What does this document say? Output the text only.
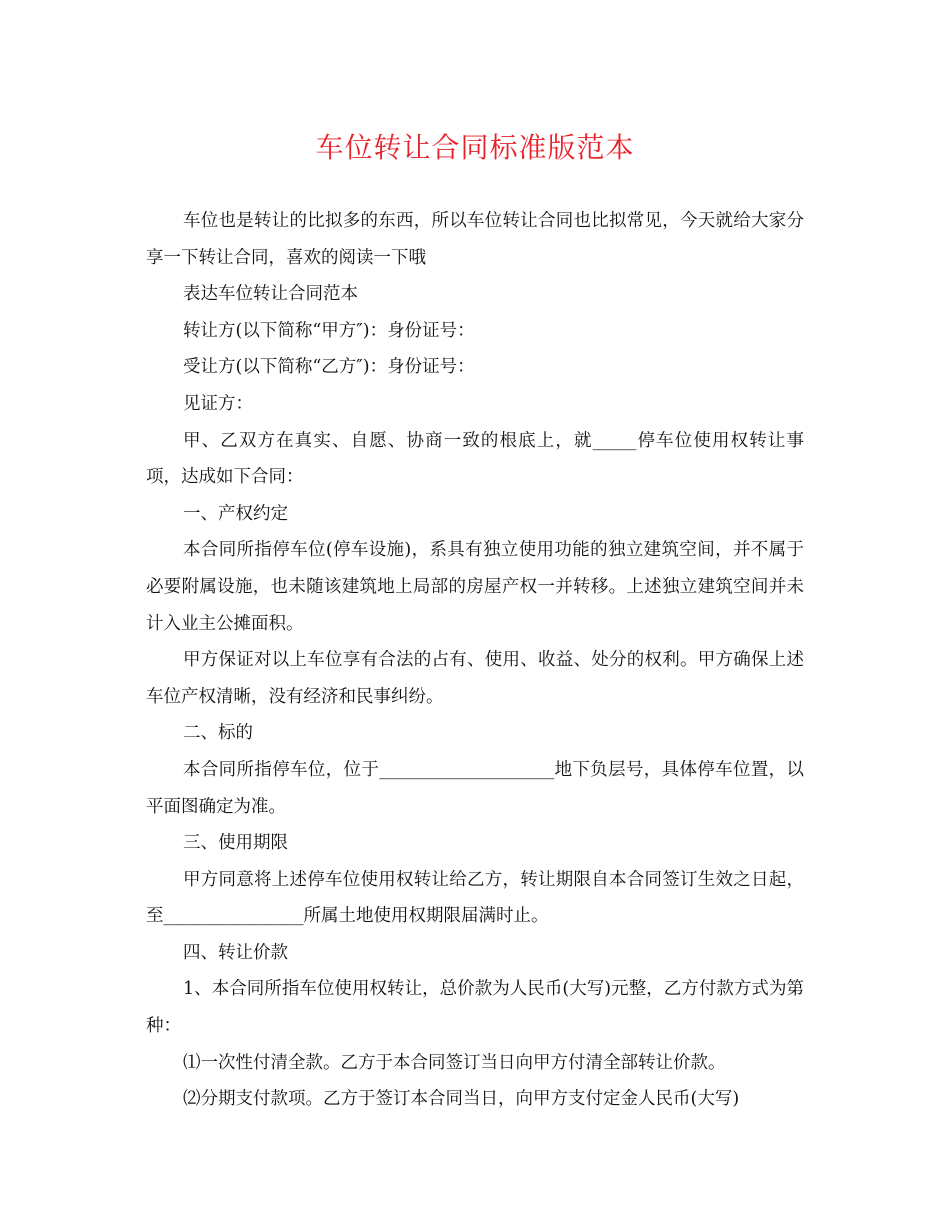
车位转让合同标准版范本

车位也是转让的比拟多的东西，所以车位转让合同也比拟常见，今天就给大家分享一下转让合同，喜欢的阅读一下哦

表达车位转让合同范本

转让方(以下简称“甲方″)：身份证号：

受让方(以下简称“乙方″)：身份证号：

见证方：

甲、乙双方在真实、自愿、协商一致的根底上，就_____停车位使用权转让事项，达成如下合同：

一、产权约定

本合同所指停车位(停车设施)，系具有独立使用功能的独立建筑空间，并不属于必要附属设施，也未随该建筑地上局部的房屋产权一并转移。上述独立建筑空间并未计入业主公摊面积。

甲方保证对以上车位享有合法的占有、使用、收益、处分的权利。甲方确保上述车位产权清晰，没有经济和民事纠纷。

二、标的

本合同所指停车位，位于____________________地下负层号，具体停车位置，以平面图确定为准。

三、使用期限

甲方同意将上述停车位使用权转让给乙方，转让期限自本合同签订生效之日起，至________________所属土地使用权期限届满时止。

四、转让价款

1、本合同所指车位使用权转让，总价款为人民币(大写)元整，乙方付款方式为第种：

⑴一次性付清全款。乙方于本合同签订当日向甲方付清全部转让价款。

⑵分期支付款项。乙方于签订本合同当日，向甲方支付定金人民币(大写)
